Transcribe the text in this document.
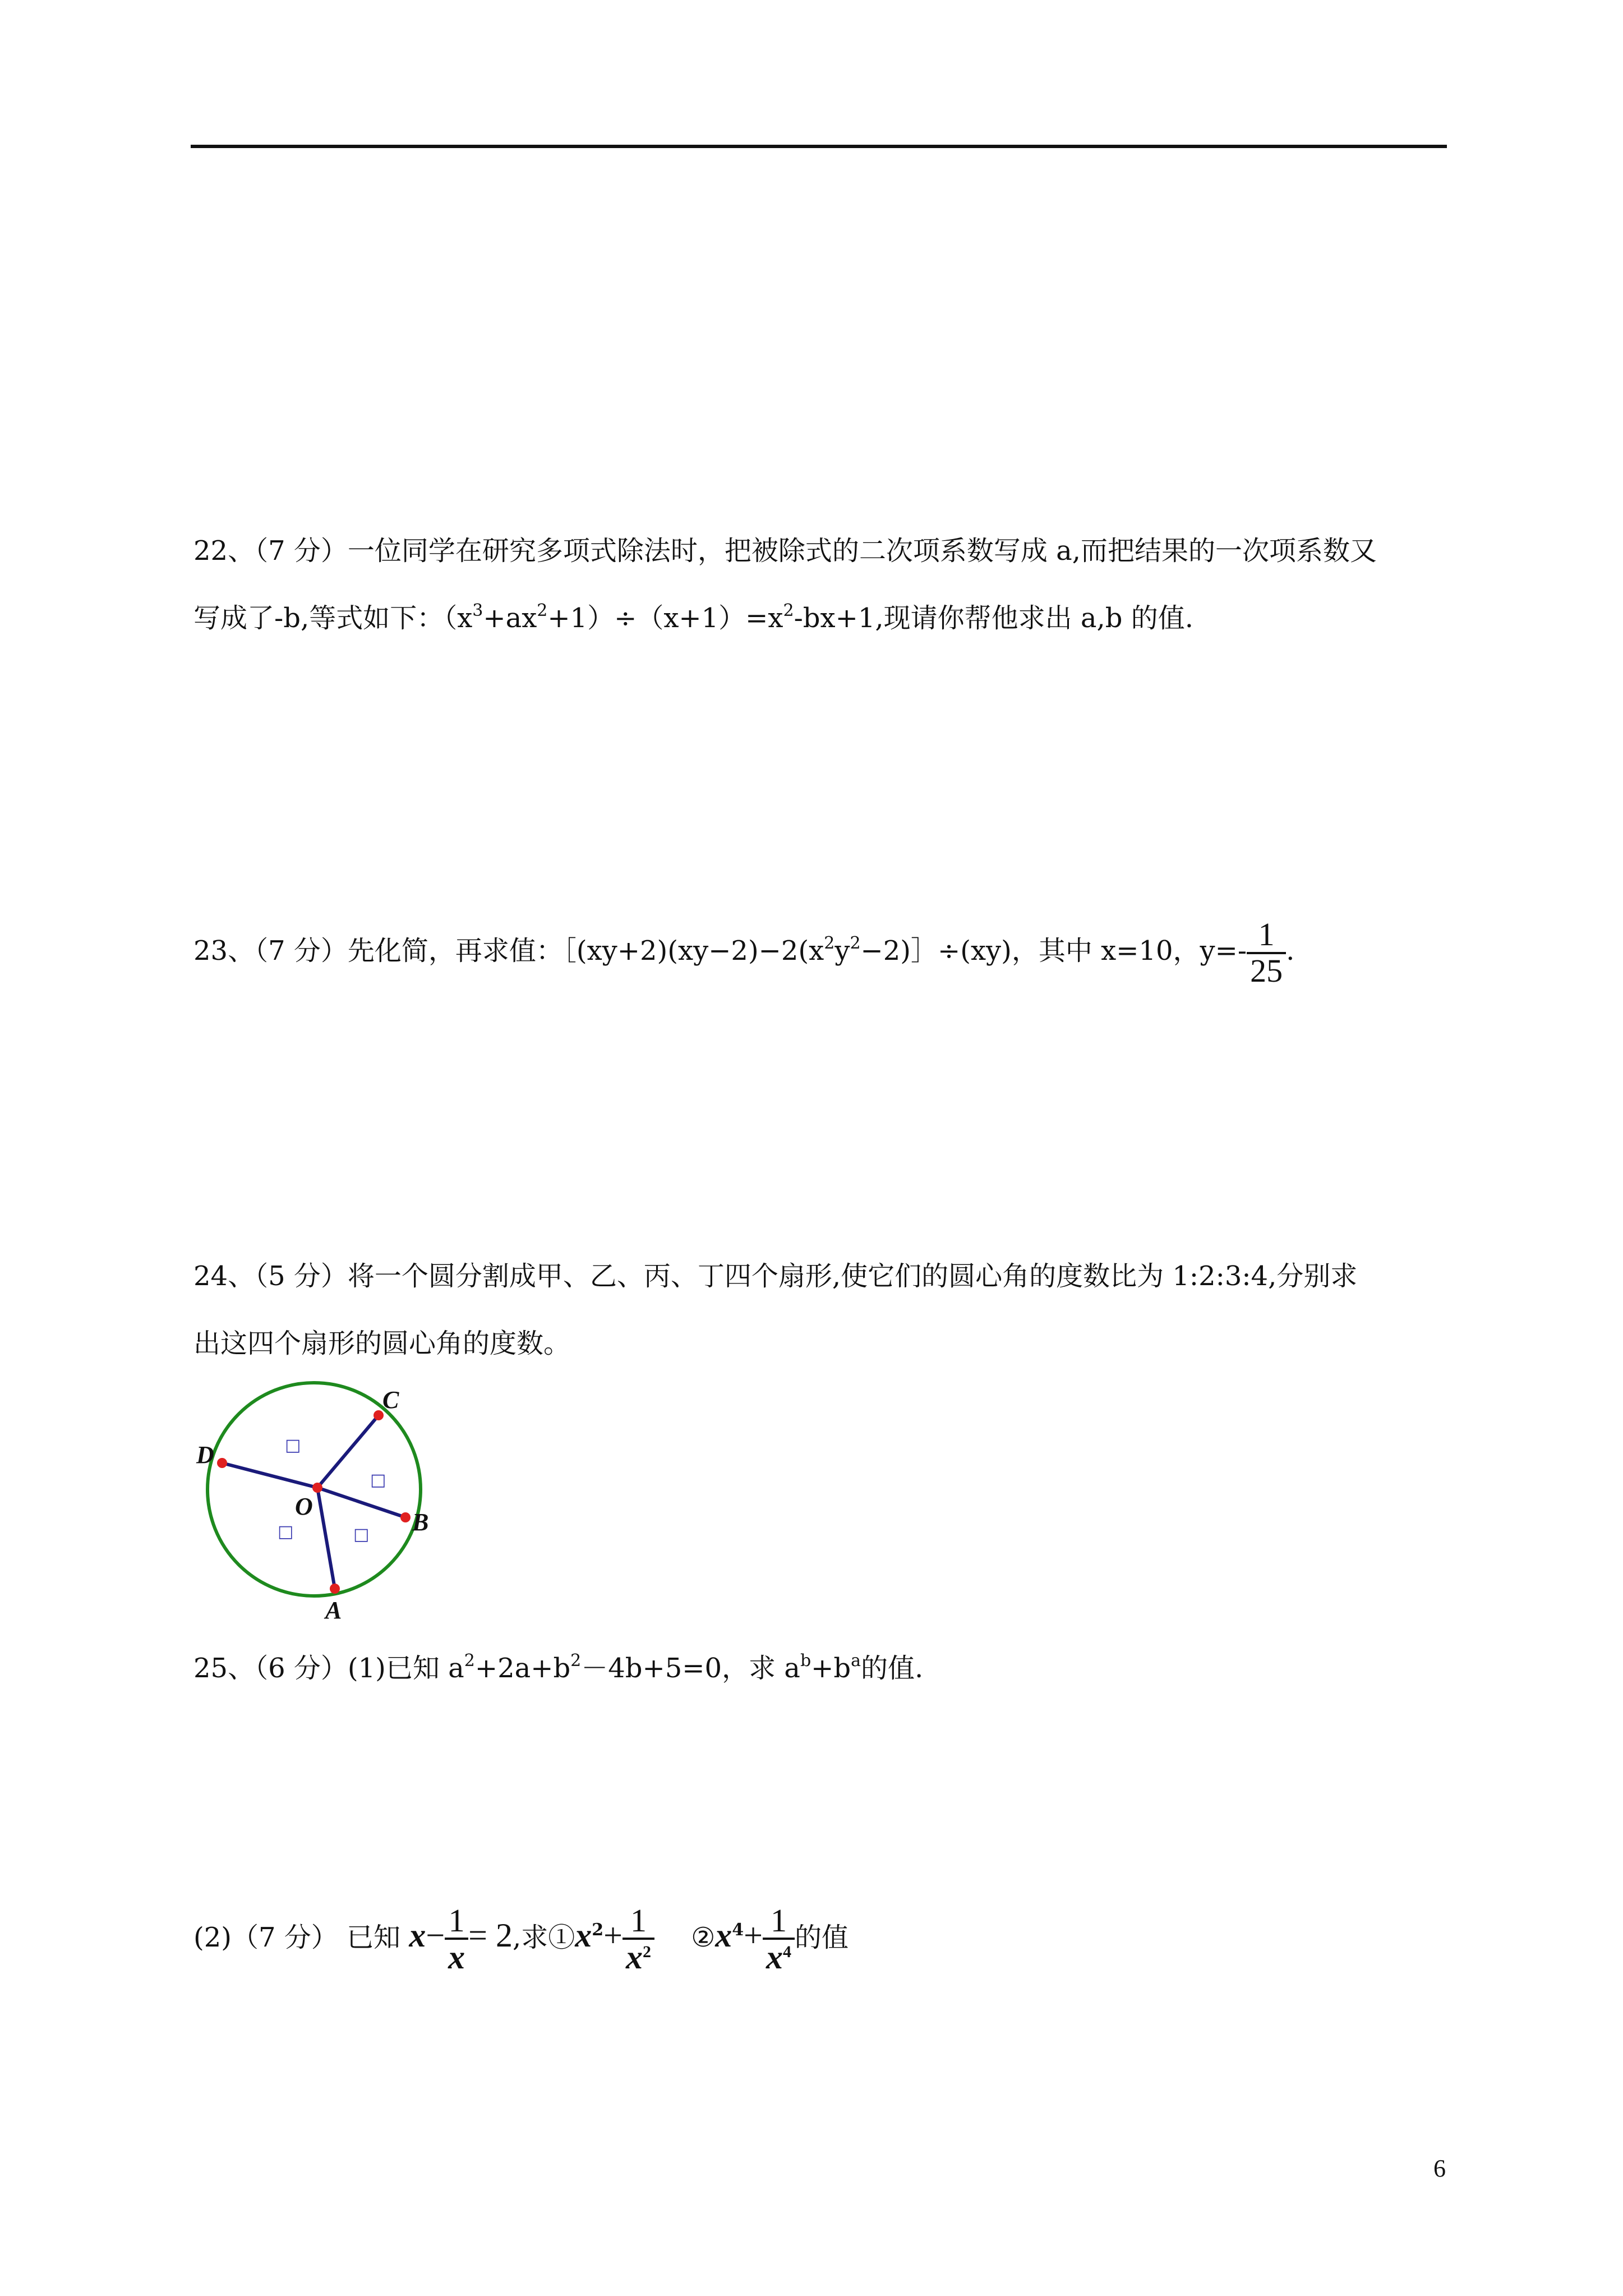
22、（7 分）一位同学在研究多项式除法时，把被除式的二次项系数写成 a,而把结果的一次项系数又
写成了-b,等式如下：$(x^3+ax^2+1)\div(x+1)=x^2-bx+1$,现请你帮他求出 a,b 的值.
23、（7 分）先化简，再求值：$[(xy+2)(xy-2)-2(x^2y^2-2)]\div(xy)$，其中 x=10，$y=- \frac{1}{25}$ .
24、（5 分）将一个圆分割成甲、乙、丙、丁四个扇形,使它们的圆心角的度数比为 1:2:3:4,分别求
出这四个扇形的圆心角的度数。
O
D
C
B
A
□
□
□	□
25、（6 分）(1)已知 $a^2+2a+b^2-4b+5=0$，求 $a^b+b^a$的值.
(2)（7 分） 已知 $x- \frac{1}{x} = 2$,求$①x^2+ \frac{1}{x^2}$ $②x^4+ \frac{1}{x^4}$ 的值
6
